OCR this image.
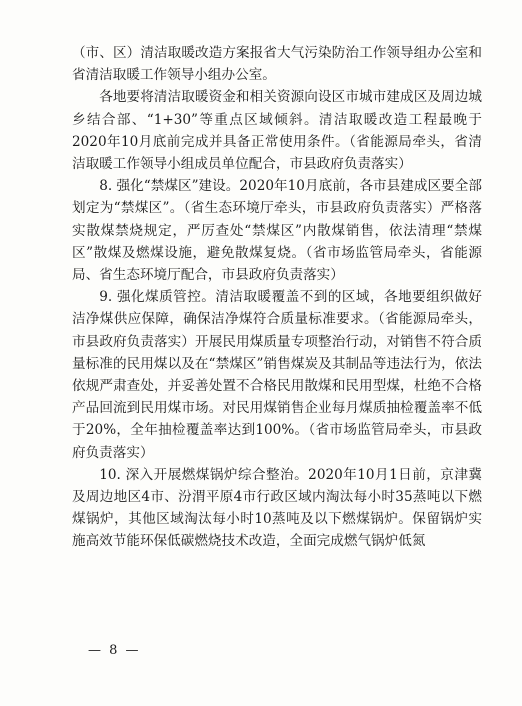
（市、区）清洁取暖改造方案报省大气污染防治工作领导组办公室和省清洁取暖工作领导小组办公室。

各地要将清洁取暖资金和相关资源向设区市城市建成区及周边城乡结合部、“1+30”等重点区域倾斜。清洁取暖改造工程最晚于2020年10月底前完成并具备正常使用条件。（省能源局牵头，省清洁取暖工作领导小组成员单位配合，市县政府负责落实）

8. 强化“禁煤区”建设。2020年10月底前，各市县建成区要全部划定为“禁煤区”。（省生态环境厅牵头，市县政府负责落实）严格落实散煤禁烧规定，严厉查处“禁煤区”内散煤销售，依法清理“禁煤区”散煤及燃煤设施，避免散煤复烧。（省市场监管局牵头，省能源局、省生态环境厅配合，市县政府负责落实）

9. 强化煤质管控。清洁取暖覆盖不到的区域，各地要组织做好洁净煤供应保障，确保洁净煤符合质量标准要求。（省能源局牵头，市县政府负责落实）开展民用煤质量专项整治行动，对销售不符合质量标准的民用煤以及在“禁煤区”销售煤炭及其制品等违法行为，依法依规严肃查处，并妥善处置不合格民用散煤和民用型煤，杜绝不合格产品回流到民用煤市场。对民用煤销售企业每月煤质抽检覆盖率不低于20%，全年抽检覆盖率达到100%。（省市场监管局牵头，市县政府负责落实）

10. 深入开展燃煤锅炉综合整治。2020年10月1日前，京津冀及周边地区4市、汾渭平原4市行政区域内淘汰每小时35蒸吨以下燃煤锅炉，其他区域淘汰每小时10蒸吨及以下燃煤锅炉。保留锅炉实施高效节能环保低碳燃烧技术改造，全面完成燃气锅炉低氮

— 8 —
